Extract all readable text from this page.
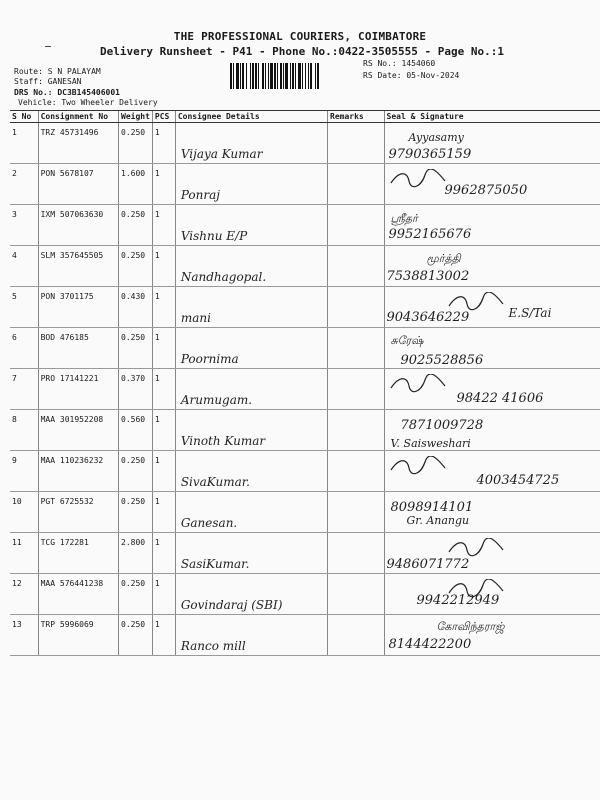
THE PROFESSIONAL COURIERS, COIMBATORE
Delivery Runsheet - P41 - Phone No.:0422-3505555 - Page No.:1
Route: S N PALAYAM
Staff: GANESAN
DRS No.: DC3B145406001
Vehicle: Two Wheeler Delivery
RS No.: 1454060
RS Date: 05-Nov-2024
S No	Consignment No	Weight	PCS	Consignee Details	Remarks	Seal & Signature
1	TRZ 45731496	0.250	1	Vijaya Kumar		Ayyasamy
9790365159

2	PON 5678107	1.600	1	Ponraj		9962875050

3	IXM 507063630	0.250	1	Vishnu E/P		ஸ்ரீதர்
9952165676

4	SLM 357645505	0.250	1	Nandhagopal.		மூர்த்தி
7538813002

5	PON 3701175	0.430	1	mani		9043646229 E.S/Tai

6	BOD 476185	0.250	1	Poornima		சுரேஷ்
9025528856

7	PRO 17141221	0.370	1	Arumugam.		98422 41606

8	MAA 301952208	0.560	1	Vinoth Kumar		V. Saisweshari
7871009728

9	MAA 110236232	0.250	1	SivaKumar.		4003454725

10	PGT 6725532	0.250	1	Ganesan.		Gr. Anangu
8098914101

11	TCG 172281	2.800	1	SasiKumar.		9486071772

12	MAA 576441238	0.250	1	Govindaraj (SBI)		9942212949

13	TRP 5996069	0.250	1	Ranco mill		கோவிந்தராஜ்
8144422200
